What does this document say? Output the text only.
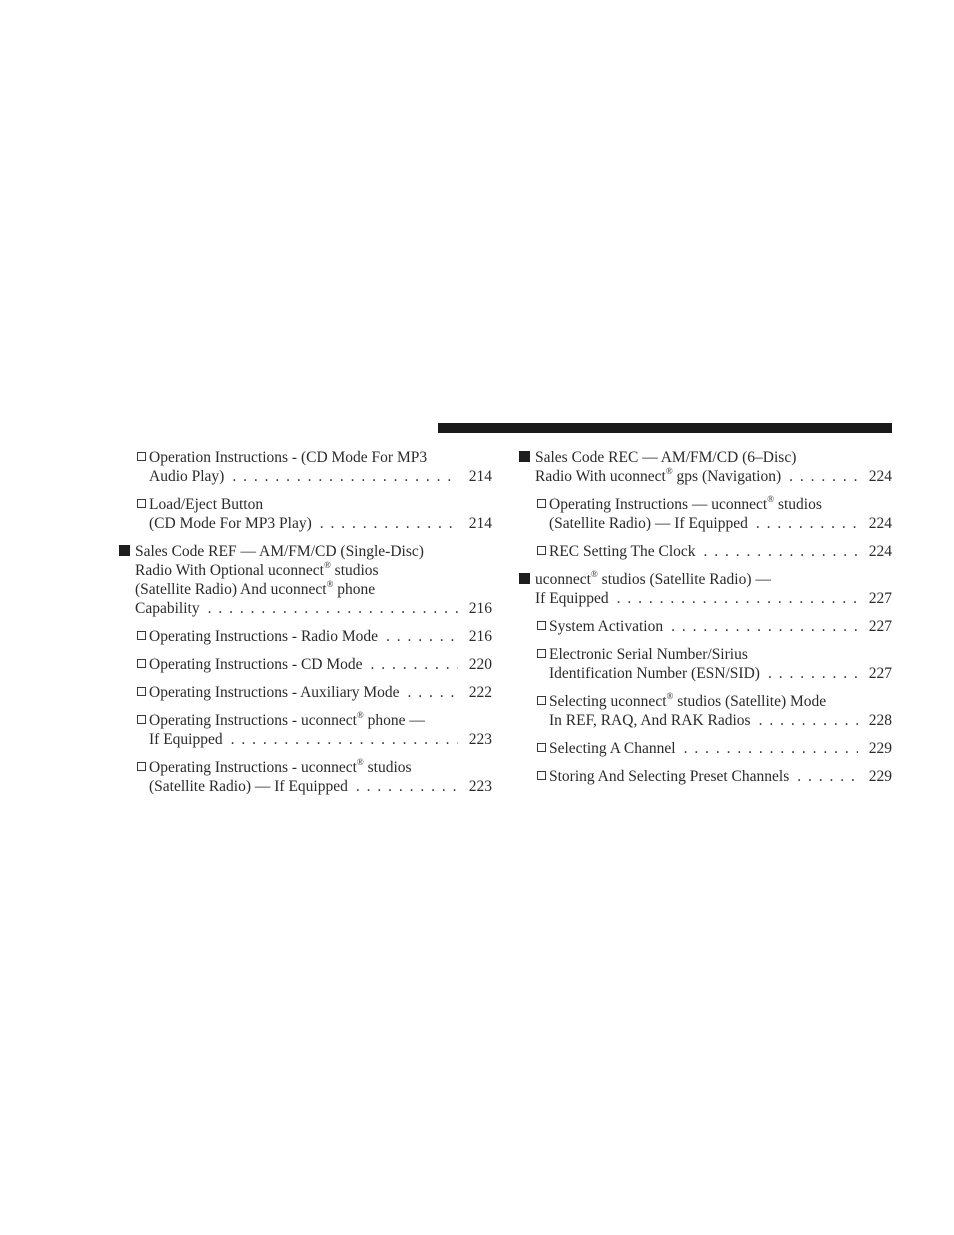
Operation Instructions - (CD Mode For MP3
Audio Play) . . .	214
Load/Eject Button
(CD Mode For MP3 Play) . . .	214
Sales Code REF — AM/FM/CD (Single-Disc)
Radio With Optional uconnect® studios
(Satellite Radio) And uconnect® phone
Capability . . .	216
Operating Instructions - Radio Mode . . .	216
Operating Instructions - CD Mode . . .	220
Operating Instructions - Auxiliary Mode . . .	222
Operating Instructions - uconnect® phone —
If Equipped . . .	223
Operating Instructions - uconnect® studios
(Satellite Radio) — If Equipped . . .	223
Sales Code REC — AM/FM/CD (6–Disc)
Radio With uconnect® gps (Navigation) . . .	224
Operating Instructions — uconnect® studios
(Satellite Radio) — If Equipped . . .	224
REC Setting The Clock . . .	224
uconnect® studios (Satellite Radio) —
If Equipped . . .	227
System Activation . . .	227
Electronic Serial Number/Sirius
Identification Number (ESN/SID) . . .	227
Selecting uconnect® studios (Satellite) Mode
In REF, RAQ, And RAK Radios . . .	228
Selecting A Channel . . .	229
Storing And Selecting Preset Channels . . .	229
